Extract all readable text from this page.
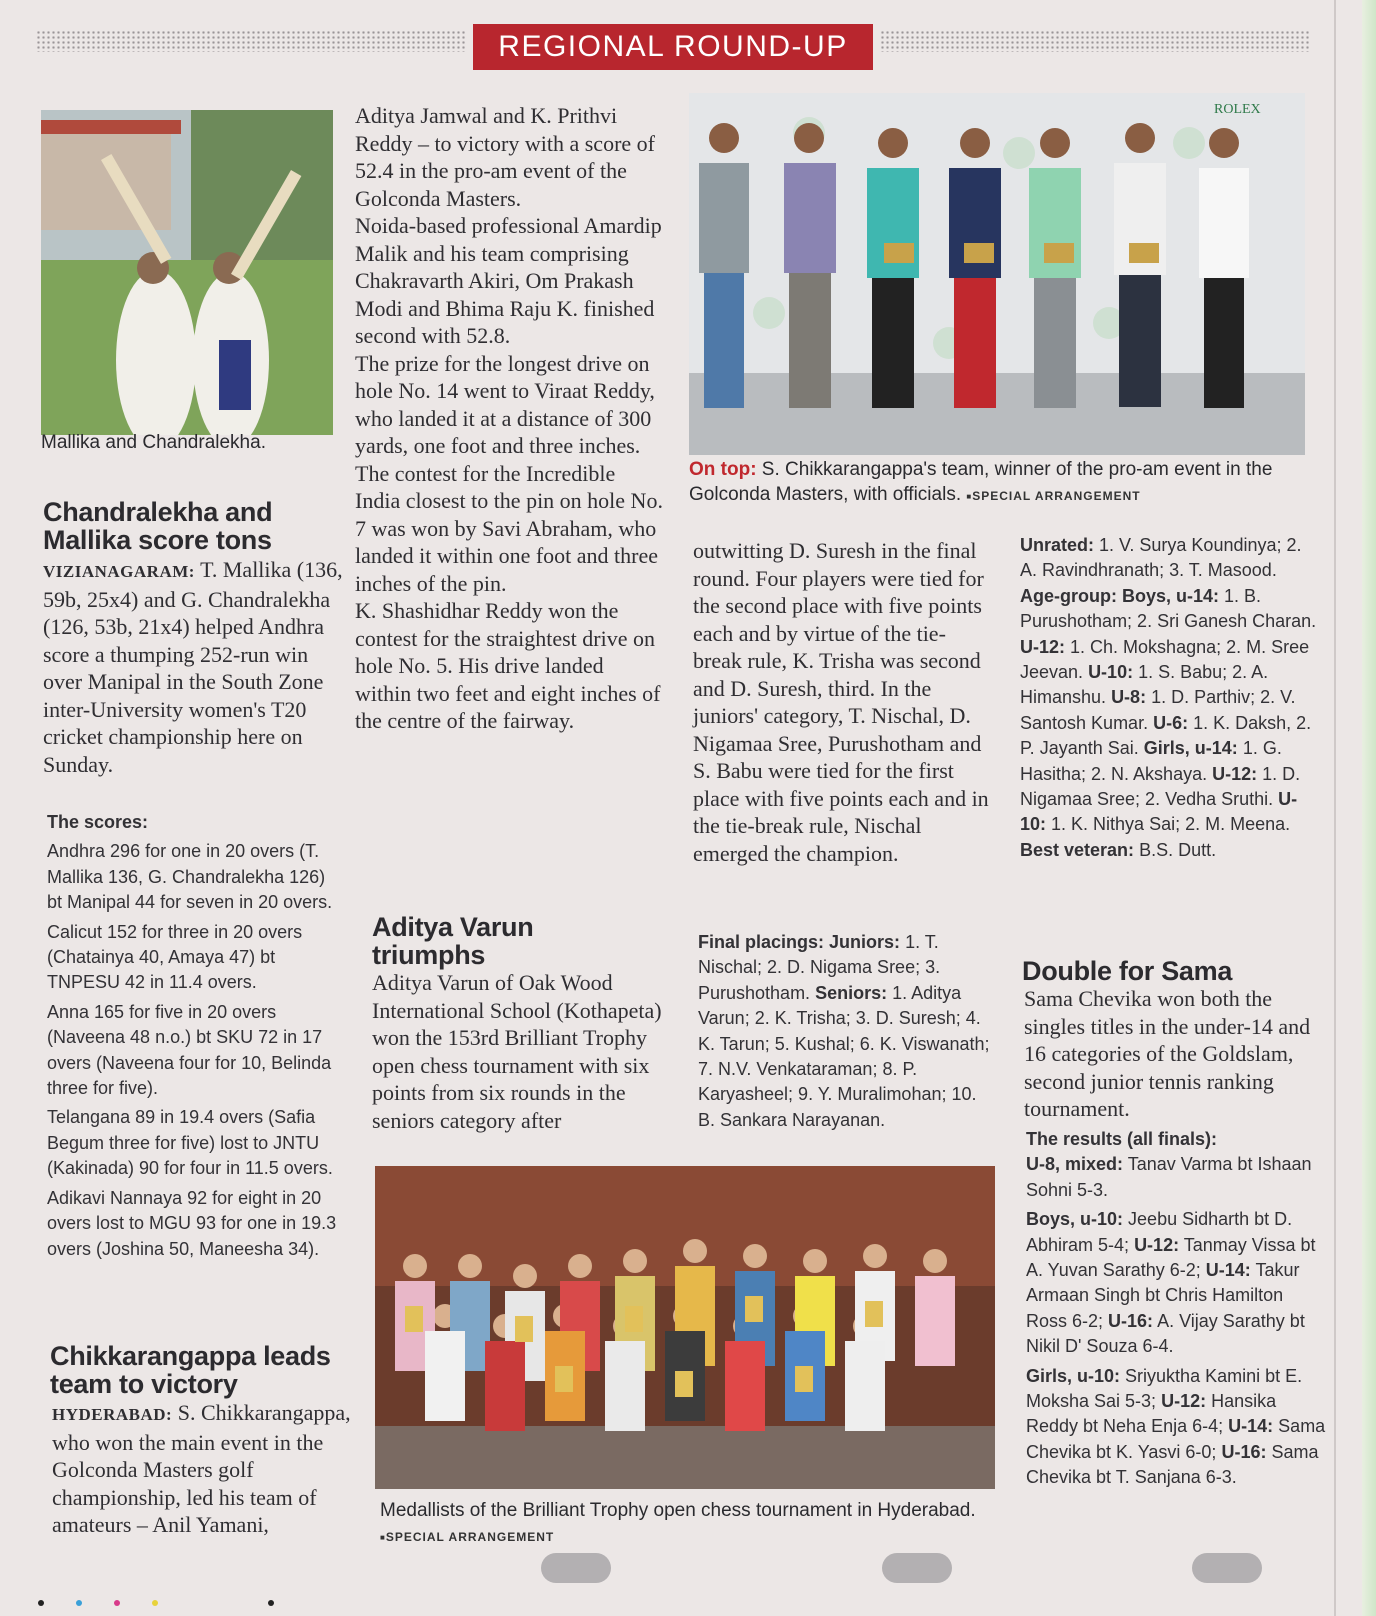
REGIONAL ROUND-UP
Mallika and Chandralekha.
ROLEX
On top: S. Chikkarangappa's team, winner of the pro-am event in the Golconda Masters, with officials. ■ SPECIAL ARRANGEMENT
Medallists of the Brilliant Trophy open chess tournament in Hyderabad. ■ SPECIAL ARRANGEMENT
Chandralekha and Mallika score tons

VIZIANAGARAM: T. Mallika (136, 59b, 25x4) and G. Chandralekha (126, 53b, 21x4) helped Andhra score a thumping 252-run win over Manipal in the South Zone inter-University women's T20 cricket championship here on Sunday.

The scores:

Andhra 296 for one in 20 overs (T. Mallika 136, G. Chandralekha 126) bt Manipal 44 for seven in 20 overs.

Calicut 152 for three in 20 overs (Chatainya 40, Amaya 47) bt TNPESU 42 in 11.4 overs.

Anna 165 for five in 20 overs (Naveena 48 n.o.) bt SKU 72 in 17 overs (Naveena four for 10, Belinda three for five).

Telangana 89 in 19.4 overs (Safia Begum three for five) lost to JNTU (Kakinada) 90 for four in 11.5 overs.

Adikavi Nannaya 92 for eight in 20 overs lost to MGU 93 for one in 19.3 overs (Joshina 50, Maneesha 34).

Chikkarangappa leads team to victory

HYDERABAD: S. Chikkarangappa, who won the main event in the Golconda Masters golf championship, led his team of amateurs – Anil Yamani,

Aditya Jamwal and K. Prithvi Reddy – to victory with a score of 52.4 in the pro-am event of the Golconda Masters.

Noida-based professional Amardip Malik and his team comprising Chakravarth Akiri, Om Prakash Modi and Bhima Raju K. finished second with 52.8.

The prize for the longest drive on hole No. 14 went to Viraat Reddy, who landed it at a distance of 300 yards, one foot and three inches.

The contest for the Incredible India closest to the pin on hole No. 7 was won by Savi Abraham, who landed it within one foot and three inches of the pin.

K. Shashidhar Reddy won the contest for the straightest drive on hole No. 5. His drive landed within two feet and eight inches of the centre of the fairway.

Aditya Varun triumphs
Aditya Varun of Oak Wood International School (Kothapeta) won the 153rd Brilliant Trophy open chess tournament with six points from six rounds in the seniors category after
outwitting D. Suresh in the final round. Four players were tied for the second place with five points each and by virtue of the tie-break rule, K. Trisha was second and D. Suresh, third. In the juniors' category, T. Nischal, D. Nigamaa Sree, Purushotham and S. Babu were tied for the first place with five points each and in the tie-break rule, Nischal emerged the champion.

Final placings: Juniors: 1. T. Nischal; 2. D. Nigama Sree; 3. Purushotham. Seniors: 1. Aditya Varun; 2. K. Trisha; 3. D. Suresh; 4. K. Tarun; 5. Kushal; 6. K. Viswanath; 7. N.V. Venkataraman; 8. P. Karyasheel; 9. Y. Muralimohan; 10. B. Sankara Narayanan.

Unrated: 1. V. Surya Koundinya; 2. A. Ravindhranath; 3. T. Masood. Age-group: Boys, u-14: 1. B. Purushotham; 2. Sri Ganesh Charan. U-12: 1. Ch. Mokshagna; 2. M. Sree Jeevan. U-10: 1. S. Babu; 2. A. Himanshu. U-8: 1. D. Parthiv; 2. V. Santosh Kumar. U-6: 1. K. Daksh, 2. P. Jayanth Sai. Girls, u-14: 1. G. Hasitha; 2. N. Akshaya. U-12: 1. D. Nigamaa Sree; 2. Vedha Sruthi. U-10: 1. K. Nithya Sai; 2. M. Meena. Best veteran: B.S. Dutt.

Double for Sama
Sama Chevika won both the singles titles in the under-14 and 16 categories of the Goldslam, second junior tennis ranking tournament.

The results (all finals):

U-8, mixed: Tanav Varma bt Ishaan Sohni 5-3.

Boys, u-10: Jeebu Sidharth bt D. Abhiram 5-4; U-12: Tanmay Vissa bt A. Yuvan Sarathy 6-2; U-14: Takur Armaan Singh bt Chris Hamilton Ross 6-2; U-16: A. Vijay Sarathy bt Nikil D' Souza 6-4.

Girls, u-10: Sriyuktha Kamini bt E. Moksha Sai 5-3; U-12: Hansika Reddy bt Neha Enja 6-4; U-14: Sama Chevika bt K. Yasvi 6-0; U-16: Sama Chevika bt T. Sanjana 6-3.
